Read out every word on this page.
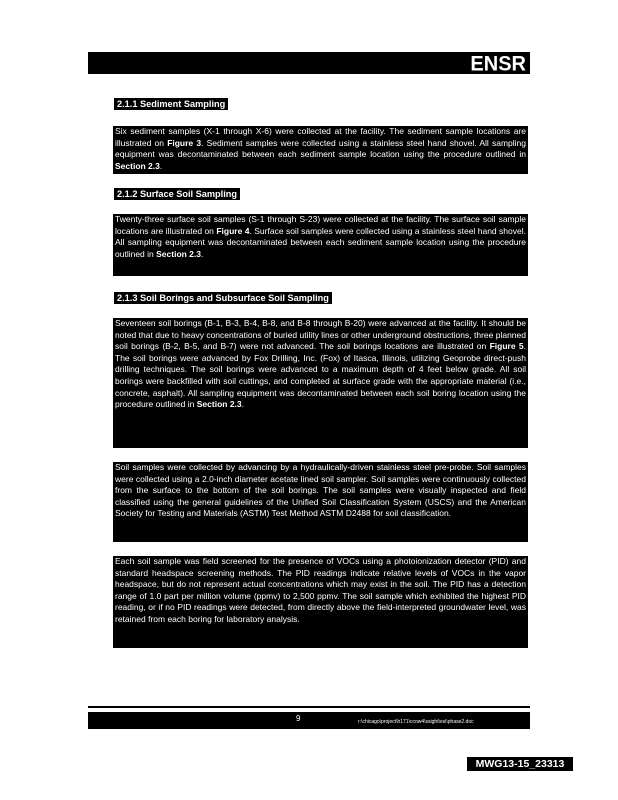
ENSR
2.1.1 Sediment Sampling
Six sediment samples (X-1 through X-6) were collected at the facility. The sediment sample locations are illustrated on Figure 3. Sediment samples were collected using a stainless steel hand shovel. All sampling equipment was decontaminated between each sediment sample location using the procedure outlined in Section 2.3.
2.1.2 Surface Soil Sampling
Twenty-three surface soil samples (S-1 through S-23) were collected at the facility. The surface soil sample locations are illustrated on Figure 4. Surface soil samples were collected using a stainless steel hand shovel. All sampling equipment was decontaminated between each sediment sample location using the procedure outlined in Section 2.3.
2.1.3 Soil Borings and Subsurface Soil Sampling
Seventeen soil borings (B-1, B-3, B-4, B-8, and B-8 through B-20) were advanced at the facility. It should be noted that due to heavy concentrations of buried utility lines or other underground obstructions, three planned soil borings (B-2, B-5, and B-7) were not advanced. The soil borings locations are illustrated on Figure 5. The soil borings were advanced by Fox Drilling, Inc. (Fox) of Itasca, Illinois, utilizing Geoprobe direct-push drilling techniques. The soil borings were advanced to a maximum depth of 4 feet below grade. All soil borings were backfilled with soil cuttings, and completed at surface grade with the appropriate material (i.e., concrete, asphalt). All sampling equipment was decontaminated between each soil boring location using the procedure outlined in Section 2.3.
Soil samples were collected by advancing by a hydraulically-driven stainless steel pre-probe. Soil samples were collected using a 2.0-inch diameter acetate lined soil sampler. Soil samples were continuously collected from the surface to the bottom of the soil borings. The soil samples were visually inspected and field classified using the general guidelines of the Unified Soil Classification System (USCS) and the American Society for Testing and Materials (ASTM) Test Method ASTM D2488 for soil classification.
Each soil sample was field screened for the presence of VOCs using a photoionization detector (PID) and standard headspace screening methods. The PID readings indicate relative levels of VOCs in the vapor headspace, but do not represent actual concentrations which may exist in the soil. The PID has a detection range of 1.0 part per million volume (ppmv) to 2,500 ppmv. The soil sample which exhibited the highest PID reading, or if no PID readings were detected, from directly above the field-interpreted groundwater level, was retained from each boring for laboratory analysis.
9	r:\chicago\project\h171\ccow4\ssight\esi\phase2.doc
MWG13-15_23313
